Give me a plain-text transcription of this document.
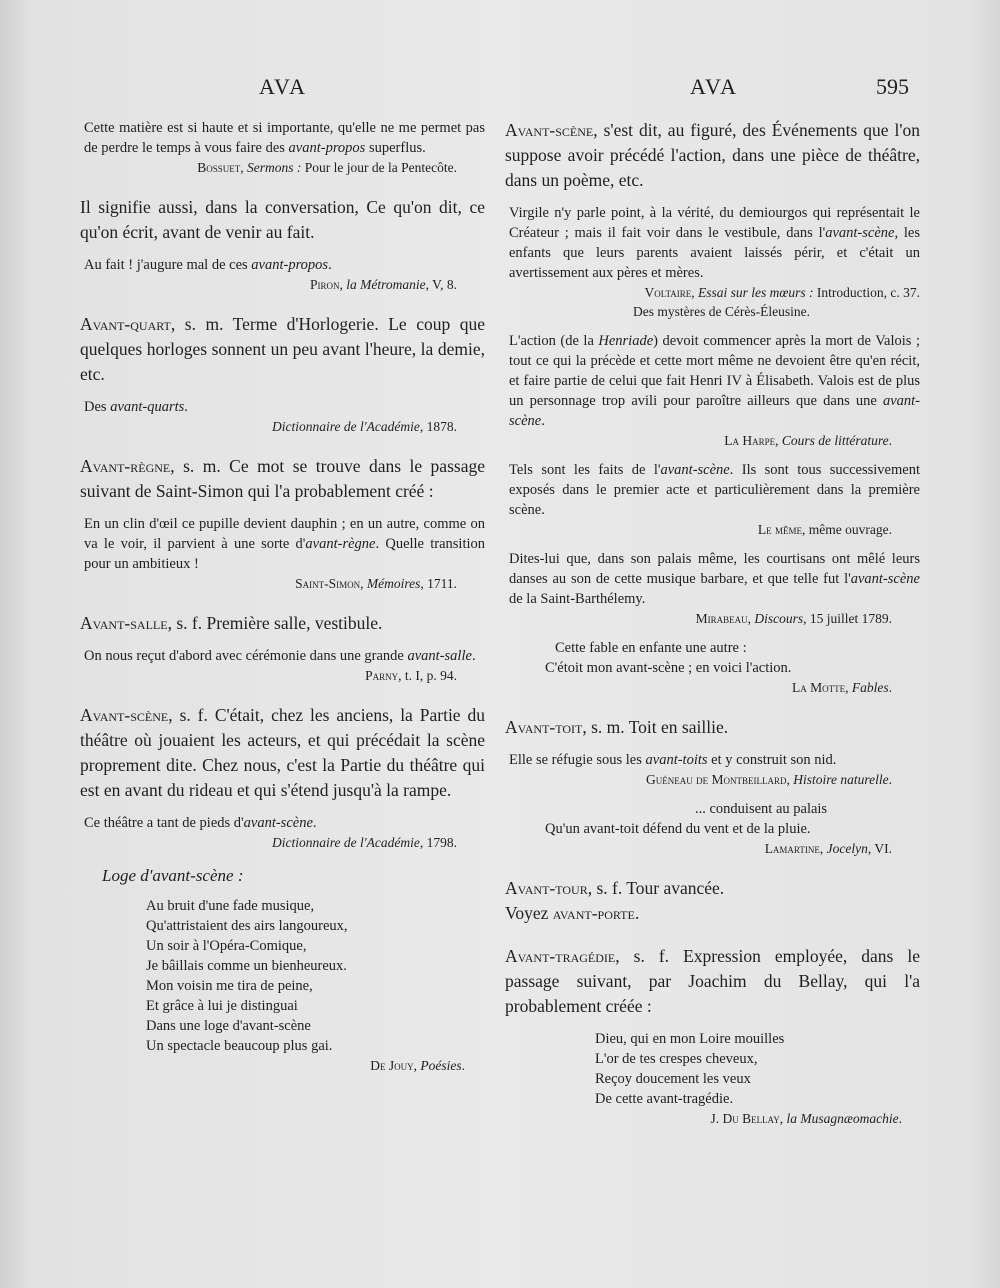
AVA	AVA	595

Cette matière est si haute et si importante, qu'elle ne me permet pas de perdre le temps à vous faire des avant-propos superflus.

Bossuet, Sermons : Pour le jour de la Pentecôte.

Il signifie aussi, dans la conversation, Ce qu'on dit, ce qu'on écrit, avant de venir au fait.

Au fait ! j'augure mal de ces avant-propos.

Piron, la Métromanie, V, 8.

Avant-quart, s. m. Terme d'Horlogerie. Le coup que quelques horloges sonnent un peu avant l'heure, la demie, etc.

Des avant-quarts.

Dictionnaire de l'Académie, 1878.

Avant-règne, s. m. Ce mot se trouve dans le passage suivant de Saint-Simon qui l'a probablement créé :

En un clin d'œil ce pupille devient dauphin ; en un autre, comme on va le voir, il parvient à une sorte d'avant-règne. Quelle transition pour un ambitieux !

Saint-Simon, Mémoires, 1711.

Avant-salle, s. f. Première salle, vestibule.

On nous reçut d'abord avec cérémonie dans une grande avant-salle.

Parny, t. I, p. 94.

Avant-scène, s. f. C'était, chez les anciens, la Partie du théâtre où jouaient les acteurs, et qui précédait la scène proprement dite. Chez nous, c'est la Partie du théâtre qui est en avant du rideau et qui s'étend jusqu'à la rampe.

Ce théâtre a tant de pieds d'avant-scène.

Dictionnaire de l'Académie, 1798.

Loge d'avant-scène :
Au bruit d'une fade musique,
Qu'attristaient des airs langoureux,
Un soir à l'Opéra-Comique,
Je bâillais comme un bienheureux.
Mon voisin me tira de peine,
Et grâce à lui je distinguai
Dans une loge d'avant-scène
Un spectacle beaucoup plus gai.

De Jouy, Poésies.

Avant-scène, s'est dit, au figuré, des Événements que l'on suppose avoir précédé l'action, dans une pièce de théâtre, dans un poème, etc.

Virgile n'y parle point, à la vérité, du demiourgos qui représentait le Créateur ; mais il fait voir dans le vestibule, dans l'avant-scène, les enfants que leurs parents avaient laissés périr, et c'était un avertissement aux pères et mères.

Voltaire, Essai sur les mœurs : Introduction, c. 37.

Des mystères de Cérès-Éleusine.

L'action (de la Henriade) devoit commencer après la mort de Valois ; tout ce qui la précède et cette mort même ne devoient être qu'en récit, et faire partie de celui que fait Henri IV à Élisabeth. Valois est de plus un personnage trop avili pour paroître ailleurs que dans une avant-scène.

La Harpe, Cours de littérature.

Tels sont les faits de l'avant-scène. Ils sont tous successivement exposés dans le premier acte et particulièrement dans la première scène.

Le même, même ouvrage.

Dites-lui que, dans son palais même, les courtisans ont mêlé leurs danses au son de cette musique barbare, et que telle fut l'avant-scène de la Saint-Barthélemy.

Mirabeau, Discours, 15 juillet 1789.

Cette fable en enfante une autre :
C'étoit mon avant-scène ; en voici l'action.

La Motte, Fables.

Avant-toit, s. m. Toit en saillie.

Elle se réfugie sous les avant-toits et y construit son nid.

Guéneau de Montbeillard, Histoire naturelle.

... conduisent au palais
Qu'un avant-toit défend du vent et de la pluie.

Lamartine, Jocelyn, VI.

Avant-tour, s. f. Tour avancée.
Voyez avant-porte.

Avant-tragédie, s. f. Expression employée, dans le passage suivant, par Joachim du Bellay, qui l'a probablement créée :

Dieu, qui en mon Loire mouilles
L'or de tes crespes cheveux,
Reçoy doucement les veux
De cette avant-tragédie.

J. Du Bellay, la Musagnæomachie.
